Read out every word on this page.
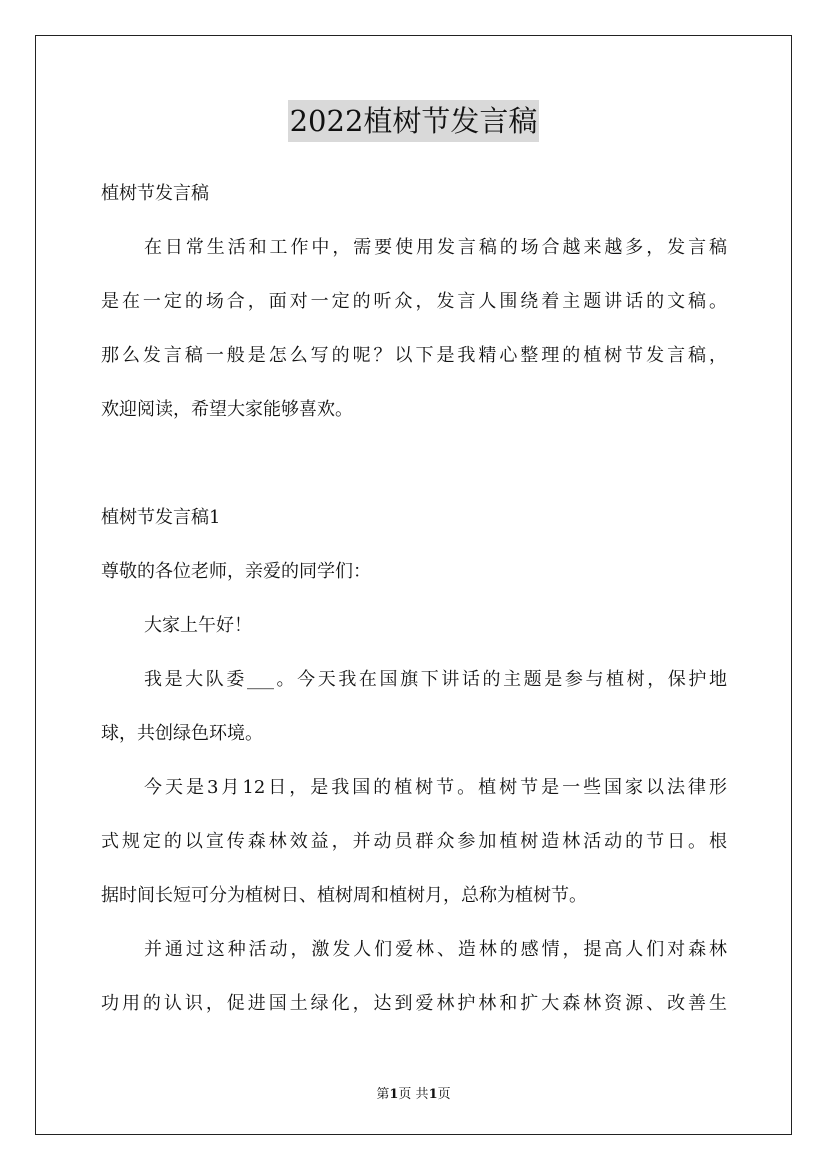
2022植树节发言稿
植树节发言稿
在日常生活和工作中，需要使用发言稿的场合越来越多，发言稿
是在一定的场合，面对一定的听众，发言人围绕着主题讲话的文稿。
那么发言稿一般是怎么写的呢？以下是我精心整理的植树节发言稿，
欢迎阅读，希望大家能够喜欢。
植树节发言稿1
尊敬的各位老师，亲爱的同学们：
大家上午好！
我是大队委___。今天我在国旗下讲话的主题是参与植树，保护地
球，共创绿色环境。
今天是3月12日，是我国的植树节。植树节是一些国家以法律形
式规定的以宣传森林效益，并动员群众参加植树造林活动的节日。根
据时间长短可分为植树日、植树周和植树月，总称为植树节。
并通过这种活动，激发人们爱林、造林的感情，提高人们对森林
功用的认识，促进国土绿化，达到爱林护林和扩大森林资源、改善生
第1页 共1页
